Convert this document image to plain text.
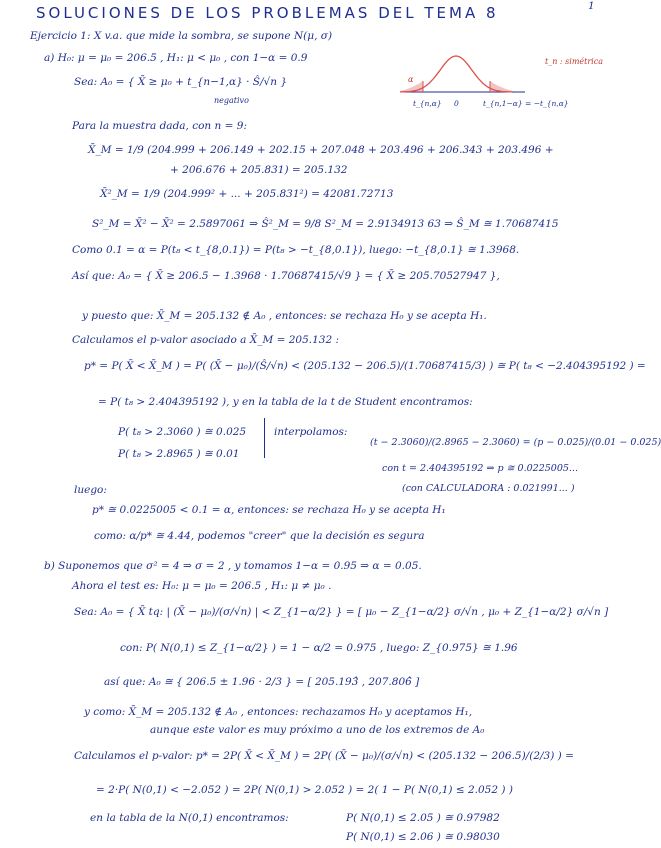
SOLUCIONES DE LOS PROBLEMAS DEL TEMA 8	1
Ejercicio 1: X v.a. que mide la sombra, se supone N(μ, σ)
a) H₀: μ = μ₀ = 206.5 , H₁: μ < μ₀ , con 1−α = 0.9
Sea: A₀ = { X̄ ≥ μ₀ + t_{n−1,α} · Ŝ/√n }
negativo
t_n : simétrica
α
t_{n,α} 0	t_{n,1−α} = −t_{n,α}
Para la muestra dada, con n = 9:
X̄_M = 1/9 (204.999 + 206.149 + 202.15 + 207.048 + 203.496 + 206.343 + 203.496 +
+ 206.676 + 205.831) = 205.132
X̄²_M = 1/9 (204.999² + ... + 205.831²) = 42081.72713
S²_M = X̄² − X̄² = 2.5897061 ⇒ Ŝ²_M = 9/8 S²_M = 2.9134913 63 ⇒ Ŝ_M ≅ 1.70687415
Como 0.1 = α = P(t₈ < t_{8,0.1}) = P(t₈ > −t_{8,0.1}), luego: −t_{8,0.1} ≅ 1.3968.
Así que: A₀ = { X̄ ≥ 206.5 − 1.3968 · 1.70687415/√9 } = { X̄ ≥ 205.70527947 },
y puesto que: X̄_M = 205.132 ∉ A₀ , entonces: se rechaza H₀ y se acepta H₁.
Calculamos el p-valor asociado a X̄_M = 205.132 :
p* = P( X̄ < X̄_M ) = P( (X̄ − μ₀)/(Ŝ/√n) < (205.132 − 206.5)/(1.70687415/3) ) ≅ P( t₈ < −2.404395192 ) =
= P( t₈ > 2.404395192 ), y en la tabla de la t de Student encontramos:
P( t₈ > 2.3060 ) ≅ 0.025
P( t₈ > 2.8965 ) ≅ 0.01
interpolamos:
(t − 2.3060)/(2.8965 − 2.3060) = (p − 0.025)/(0.01 − 0.025)
con t = 2.404395192 ⇒ p ≅ 0.0225005...
(con CALCULADORA : 0.021991... )
luego:
p* ≅ 0.0225005 < 0.1 = α, entonces: se rechaza H₀ y se acepta H₁
como: α/p* ≅ 4.44, podemos "creer" que la decisión es segura
b) Suponemos que σ² = 4 ⇒ σ = 2 , y tomamos 1−α = 0.95 ⇒ α = 0.05.
Ahora el test es: H₀: μ = μ₀ = 206.5 , H₁: μ ≠ μ₀ .
Sea: A₀ = { X̄ tq: | (X̄ − μ₀)/(σ/√n) | < Z_{1−α/2} } = [ μ₀ − Z_{1−α/2} σ/√n , μ₀ + Z_{1−α/2} σ/√n ]
con: P( N(0,1) ≤ Z_{1−α/2} ) = 1 − α/2 = 0.975 , luego: Z_{0.975} ≅ 1.96
así que: A₀ ≅ { 206.5 ± 1.96 · 2/3 } = [ 205.193̂ , 207.806̂ ]
y como: X̄_M = 205.132 ∉ A₀ , entonces: rechazamos H₀ y aceptamos H₁,
aunque este valor es muy próximo a uno de los extremos de A₀
Calculamos el p-valor: p* = 2P( X̄ < X̄_M ) = 2P( (X̄ − μ₀)/(σ/√n) < (205.132 − 206.5)/(2/3) ) =
= 2·P( N(0,1) < −2.052 ) = 2P( N(0,1) > 2.052 ) = 2( 1 − P( N(0,1) ≤ 2.052 ) )
en la tabla de la N(0,1) encontramos:	P( N(0,1) ≤ 2.05 ) ≅ 0.97982
P( N(0,1) ≤ 2.06 ) ≅ 0.98030
